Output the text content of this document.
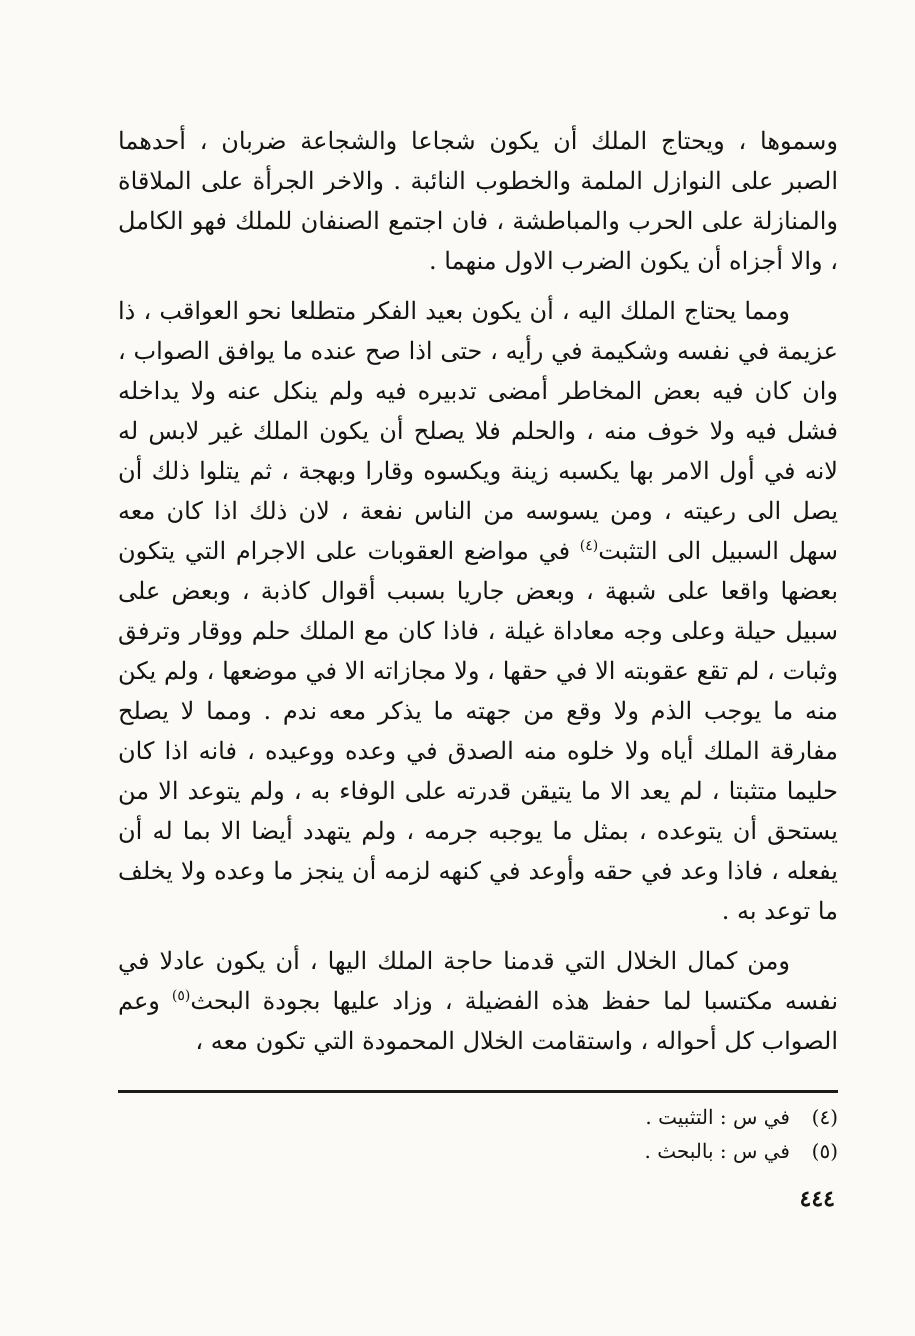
وسموها ، ويحتاج الملك أن يكون شجاعا والشجاعة ضربان ، أحدهما الصبر على النوازل الملمة والخطوب النائبة . والاخر الجرأة على الملاقاة والمنازلة على الحرب والمباطشة ، فان اجتمع الصنفان للملك فهو الكامل ، والا أجزاه أن يكون الضرب الاول منهما .

ومما يحتاج الملك اليه ، أن يكون بعيد الفكر متطلعا نحو العواقب ، ذا عزيمة في نفسه وشكيمة في رأيه ، حتى اذا صح عنده ما يوافق الصواب ، وان كان فيه بعض المخاطر أمضى تدبيره فيه ولم ينكل عنه ولا يداخله فشل فيه ولا خوف منه ، والحلم فلا يصلح أن يكون الملك غير لابس له لانه في أول الامر بها يكسبه زينة ويكسوه وقارا وبهجة ، ثم يتلوا ذلك أن يصل الى رعيته ، ومن يسوسه من الناس نفعة ، لان ذلك اذا كان معه سهل السبيل الى التثبت$^{(٤)}$ في مواضع العقوبات على الاجرام التي يتكون بعضها واقعا على شبهة ، وبعض جاريا بسبب أقوال كاذبة ، وبعض على سبيل حيلة وعلى وجه معاداة غيلة ، فاذا كان مع الملك حلم ووقار وترفق وثبات ، لم تقع عقوبته الا في حقها ، ولا مجازاته الا في موضعها ، ولم يكن منه ما يوجب الذم ولا وقع من جهته ما يذكر معه ندم . ومما لا يصلح مفارقة الملك أياه ولا خلوه منه الصدق في وعده ووعيده ، فانه اذا كان حليما متثبتا ، لم يعد الا ما يتيقن قدرته على الوفاء به ، ولم يتوعد الا من يستحق أن يتوعده ، بمثل ما يوجبه جرمه ، ولم يتهدد أيضا الا بما له أن يفعله ، فاذا وعد في حقه وأوعد في كنهه لزمه أن ينجز ما وعده ولا يخلف ما توعد به .

ومن كمال الخلال التي قدمنا حاجة الملك اليها ، أن يكون عادلا في نفسه مكتسبا لما حفظ هذه الفضيلة ، وزاد عليها بجودة البحث$^{(٥)}$ وعم الصواب كل أحواله ، واستقامت الخلال المحمودة التي تكون معه ،

(٤)
في س : التثبيت .
(٥)
في س : بالبحث .
٤٤٤
